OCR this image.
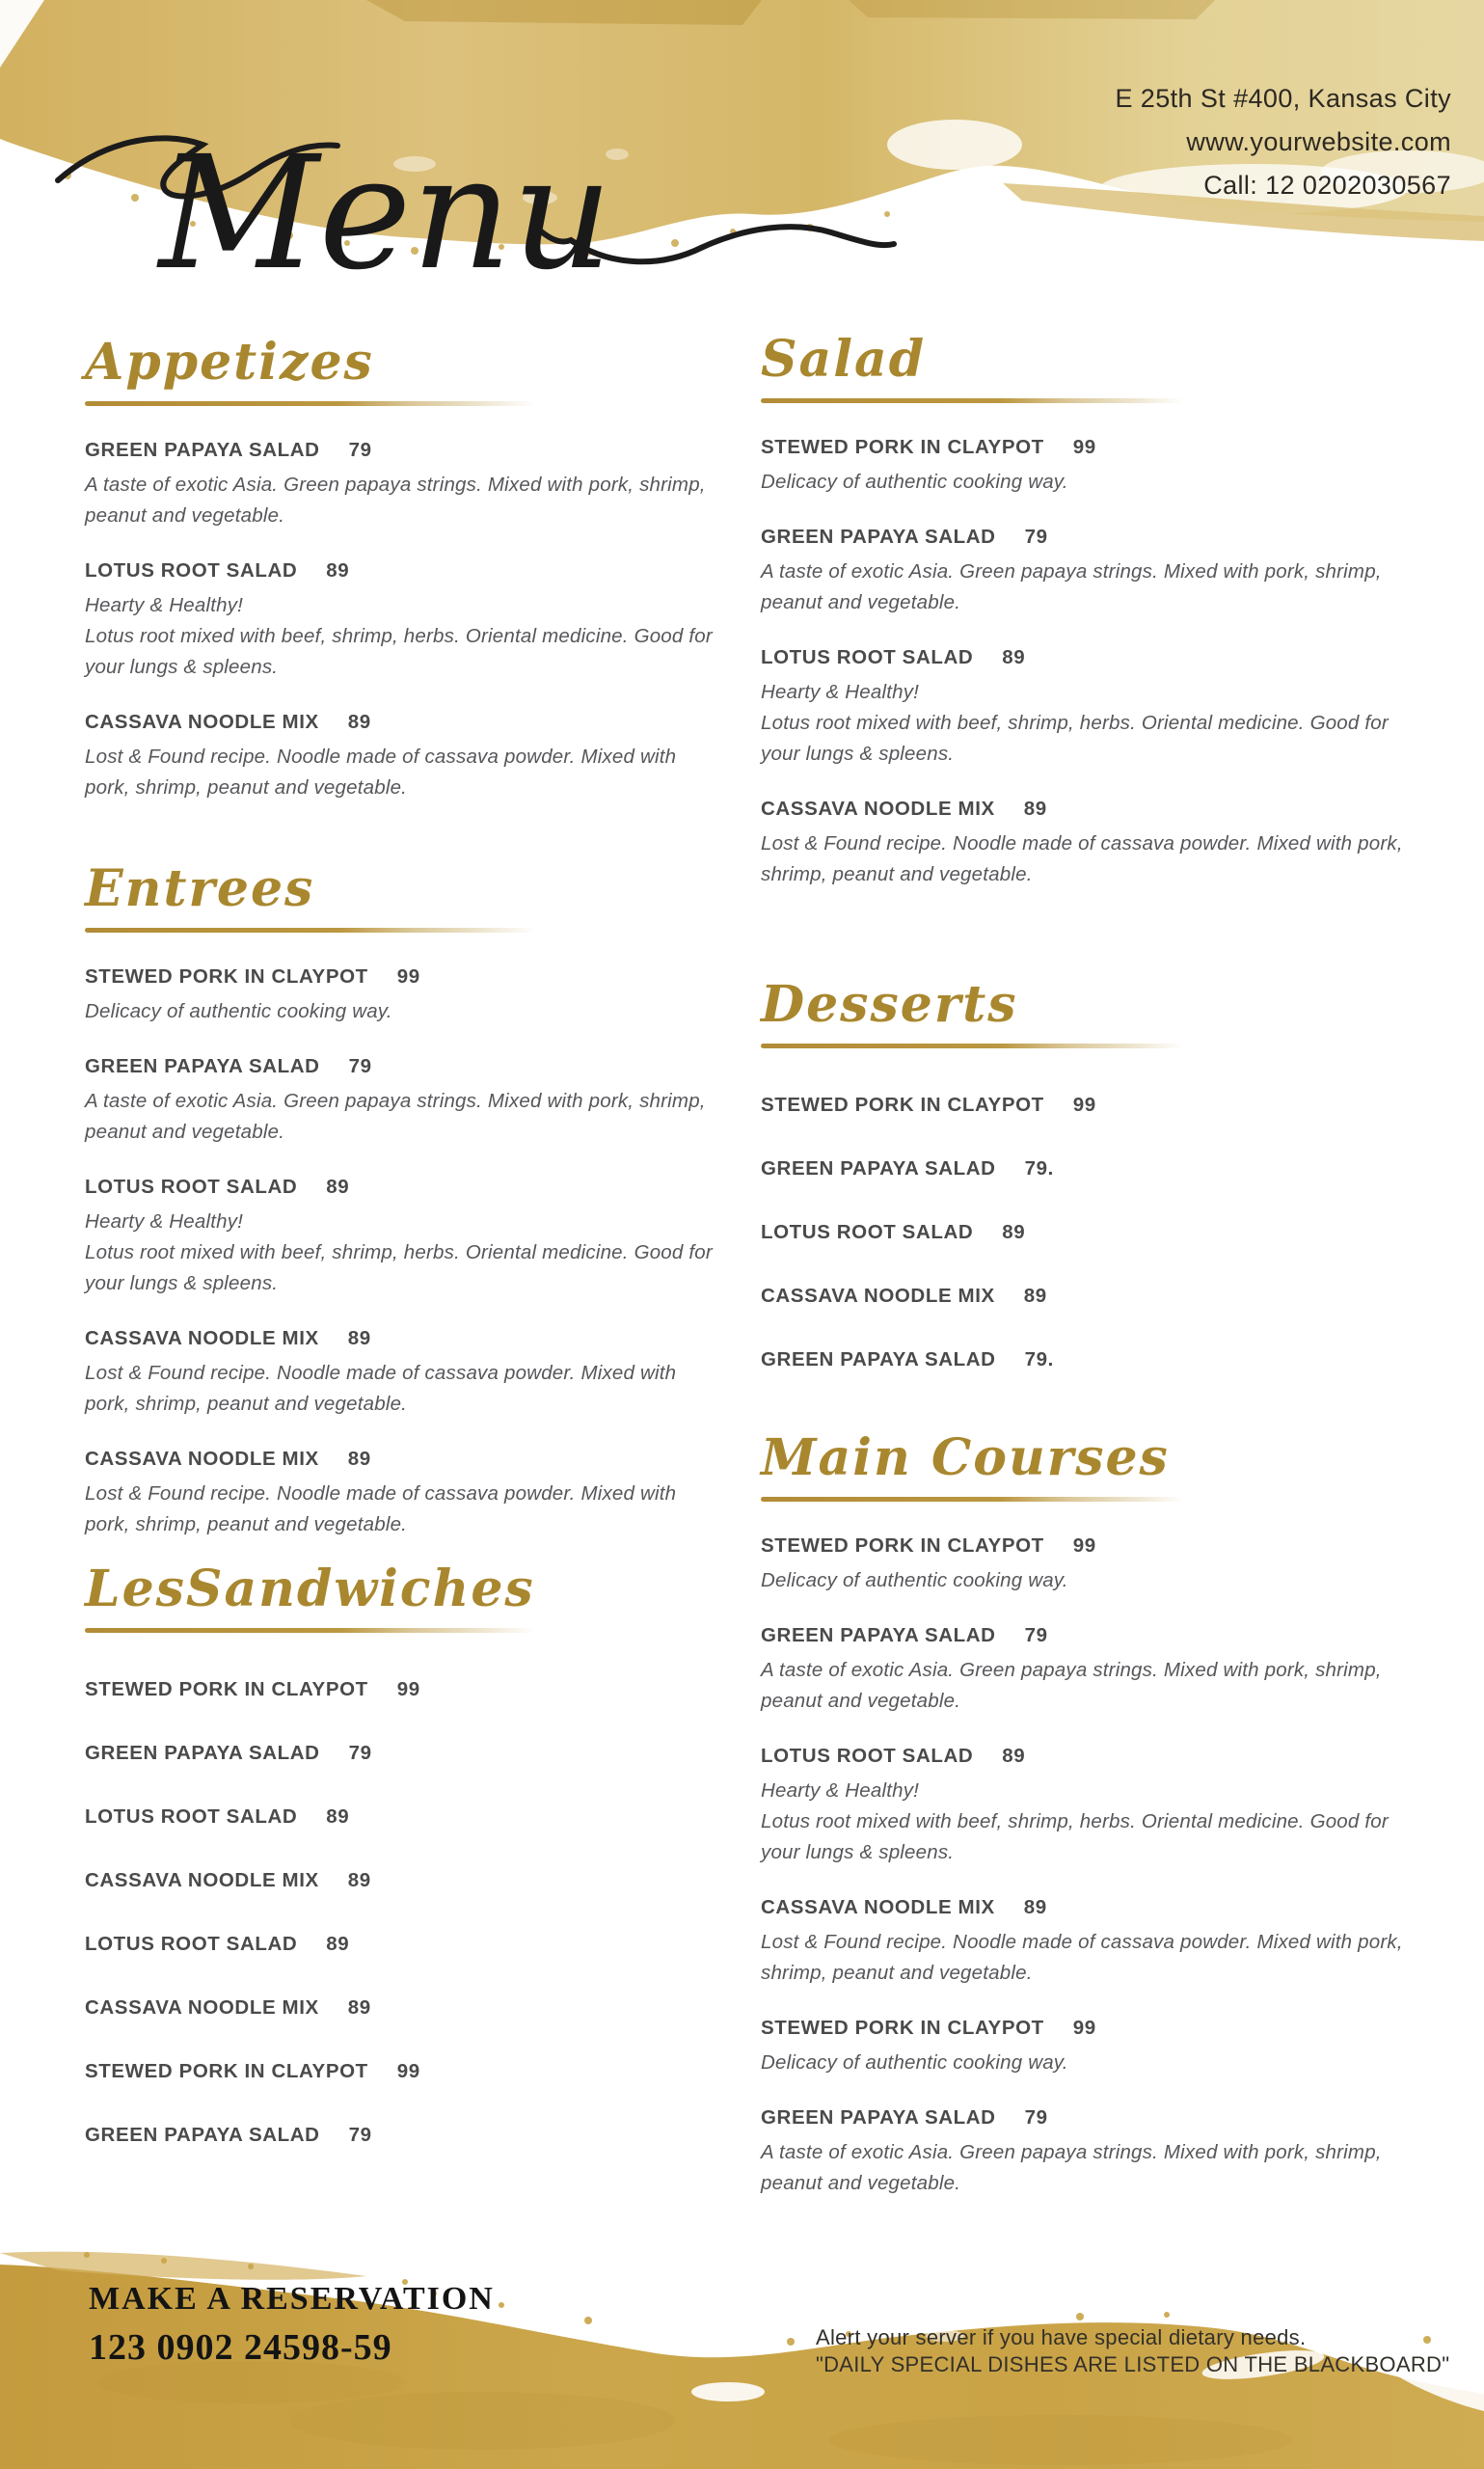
Menu
E 25th St #400, Kansas City
www.yourwebsite.com
Call: 12 0202030567
Appetizes
GREEN PAPAYA SALAD 79

A taste of exotic Asia. Green papaya strings. Mixed with pork, shrimp, peanut and vegetable.

LOTUS ROOT SALAD 89

Hearty & Healthy!

Lotus root mixed with beef, shrimp, herbs. Oriental medicine. Good for your lungs & spleens.

CASSAVA NOODLE MIX 89

Lost & Found recipe. Noodle made of cassava powder. Mixed with pork, shrimp, peanut and vegetable.

Entrees
STEWED PORK IN CLAYPOT 99

Delicacy of authentic cooking way.

GREEN PAPAYA SALAD 79

A taste of exotic Asia. Green papaya strings. Mixed with pork, shrimp, peanut and vegetable.

LOTUS ROOT SALAD 89

Hearty & Healthy!

Lotus root mixed with beef, shrimp, herbs. Oriental medicine. Good for your lungs & spleens.

CASSAVA NOODLE MIX 89

Lost & Found recipe. Noodle made of cassava powder. Mixed with pork, shrimp, peanut and vegetable.

CASSAVA NOODLE MIX 89

Lost & Found recipe. Noodle made of cassava powder. Mixed with pork, shrimp, peanut and vegetable.

LesSandwiches
STEWED PORK IN CLAYPOT 99
GREEN PAPAYA SALAD 79
LOTUS ROOT SALAD 89
CASSAVA NOODLE MIX 89
LOTUS ROOT SALAD 89
CASSAVA NOODLE MIX 89
STEWED PORK IN CLAYPOT 99
GREEN PAPAYA SALAD 79
Salad
STEWED PORK IN CLAYPOT 99

Delicacy of authentic cooking way.

GREEN PAPAYA SALAD 79

A taste of exotic Asia. Green papaya strings. Mixed with pork, shrimp, peanut and vegetable.

LOTUS ROOT SALAD 89

Hearty & Healthy!

Lotus root mixed with beef, shrimp, herbs. Oriental medicine. Good for your lungs & spleens.

CASSAVA NOODLE MIX 89

Lost & Found recipe. Noodle made of cassava powder. Mixed with pork, shrimp, peanut and vegetable.

Desserts
STEWED PORK IN CLAYPOT 99
GREEN PAPAYA SALAD 79.
LOTUS ROOT SALAD 89
CASSAVA NOODLE MIX 89
GREEN PAPAYA SALAD 79.
Main Courses
STEWED PORK IN CLAYPOT 99

Delicacy of authentic cooking way.

GREEN PAPAYA SALAD 79

A taste of exotic Asia. Green papaya strings. Mixed with pork, shrimp, peanut and vegetable.

LOTUS ROOT SALAD 89

Hearty & Healthy!

Lotus root mixed with beef, shrimp, herbs. Oriental medicine. Good for your lungs & spleens.

CASSAVA NOODLE MIX 89

Lost & Found recipe. Noodle made of cassava powder. Mixed with pork, shrimp, peanut and vegetable.

STEWED PORK IN CLAYPOT 99

Delicacy of authentic cooking way.

GREEN PAPAYA SALAD 79

A taste of exotic Asia. Green papaya strings. Mixed with pork, shrimp, peanut and vegetable.

MAKE A RESERVATION

123 0902 24598-59	Alert your server if you have special dietary needs.

"DAILY SPECIAL DISHES ARE LISTED ON THE BLACKBOARD"
